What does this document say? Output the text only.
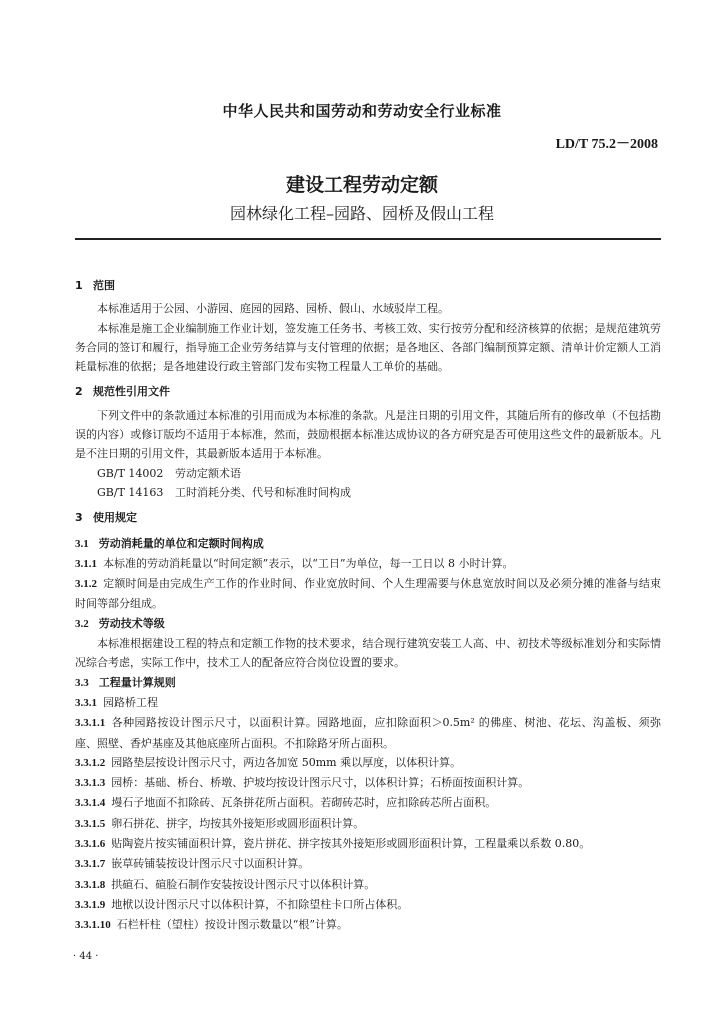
中华人民共和国劳动和劳动安全行业标准
LD/T 75.2－2008
建设工程劳动定额
园林绿化工程–园路、园桥及假山工程

1 范围

本标准适用于公园、小游园、庭园的园路、园桥、假山、水域驳岸工程。

本标准是施工企业编制施工作业计划，签发施工任务书、考核工效、实行按劳分配和经济核算的依据；是规范建筑劳务合同的签订和履行，指导施工企业劳务结算与支付管理的依据；是各地区、各部门编制预算定额、清单计价定额人工消耗量标准的依据；是各地建设行政主管部门发布实物工程量人工单价的基础。

2 规范性引用文件

下列文件中的条款通过本标准的引用而成为本标准的条款。凡是注日期的引用文件，其随后所有的修改单（不包括勘误的内容）或修订版均不适用于本标准，然而，鼓励根据本标准达成协议的各方研究是否可使用这些文件的最新版本。凡是不注日期的引用文件，其最新版本适用于本标准。

GB/T 14002 劳动定额术语

GB/T 14163 工时消耗分类、代号和标准时间构成

3 使用规定

3.1 劳动消耗量的单位和定额时间构成

3.1.1 本标准的劳动消耗量以“时间定额”表示，以“工日”为单位，每一工日以 8 小时计算。

3.1.2 定额时间是由完成生产工作的作业时间、作业宽放时间、个人生理需要与休息宽放时间以及必须分摊的准备与结束时间等部分组成。

3.2 劳动技术等级

本标准根据建设工程的特点和定额工作物的技术要求，结合现行建筑安装工人高、中、初技术等级标准划分和实际情况综合考虑，实际工作中，技术工人的配备应符合岗位设置的要求。

3.3 工程量计算规则

3.3.1 园路桥工程

3.3.1.1 各种园路按设计图示尺寸，以面积计算。园路地面，应扣除面积＞0.5m² 的佛座、树池、花坛、沟盖板、须弥座、照壁、香炉基座及其他底座所占面积。不扣除路牙所占面积。

3.3.1.2 园路垫层按设计图示尺寸，两边各加宽 50mm 乘以厚度，以体积计算。

3.3.1.3 园桥：基础、桥台、桥墩、护坡均按设计图示尺寸，以体积计算；石桥面按面积计算。

3.3.1.4 墁石子地面不扣除砖、瓦条拼花所占面积。若砌砖芯时，应扣除砖芯所占面积。

3.3.1.5 卵石拼花、拼字，均按其外接矩形或圆形面积计算。

3.3.1.6 贴陶瓷片按实铺面积计算，瓷片拼花、拼字按其外接矩形或圆形面积计算，工程量乘以系数 0.80。

3.3.1.7 嵌草砖铺装按设计图示尺寸以面积计算。

3.3.1.8 拱碹石、碹脸石制作安装按设计图示尺寸以体积计算。

3.3.1.9 地栿以设计图示尺寸以体积计算，不扣除望柱卡口所占体积。

3.3.1.10 石栏杆柱（望柱）按设计图示数量以“根”计算。

· 44 ·
